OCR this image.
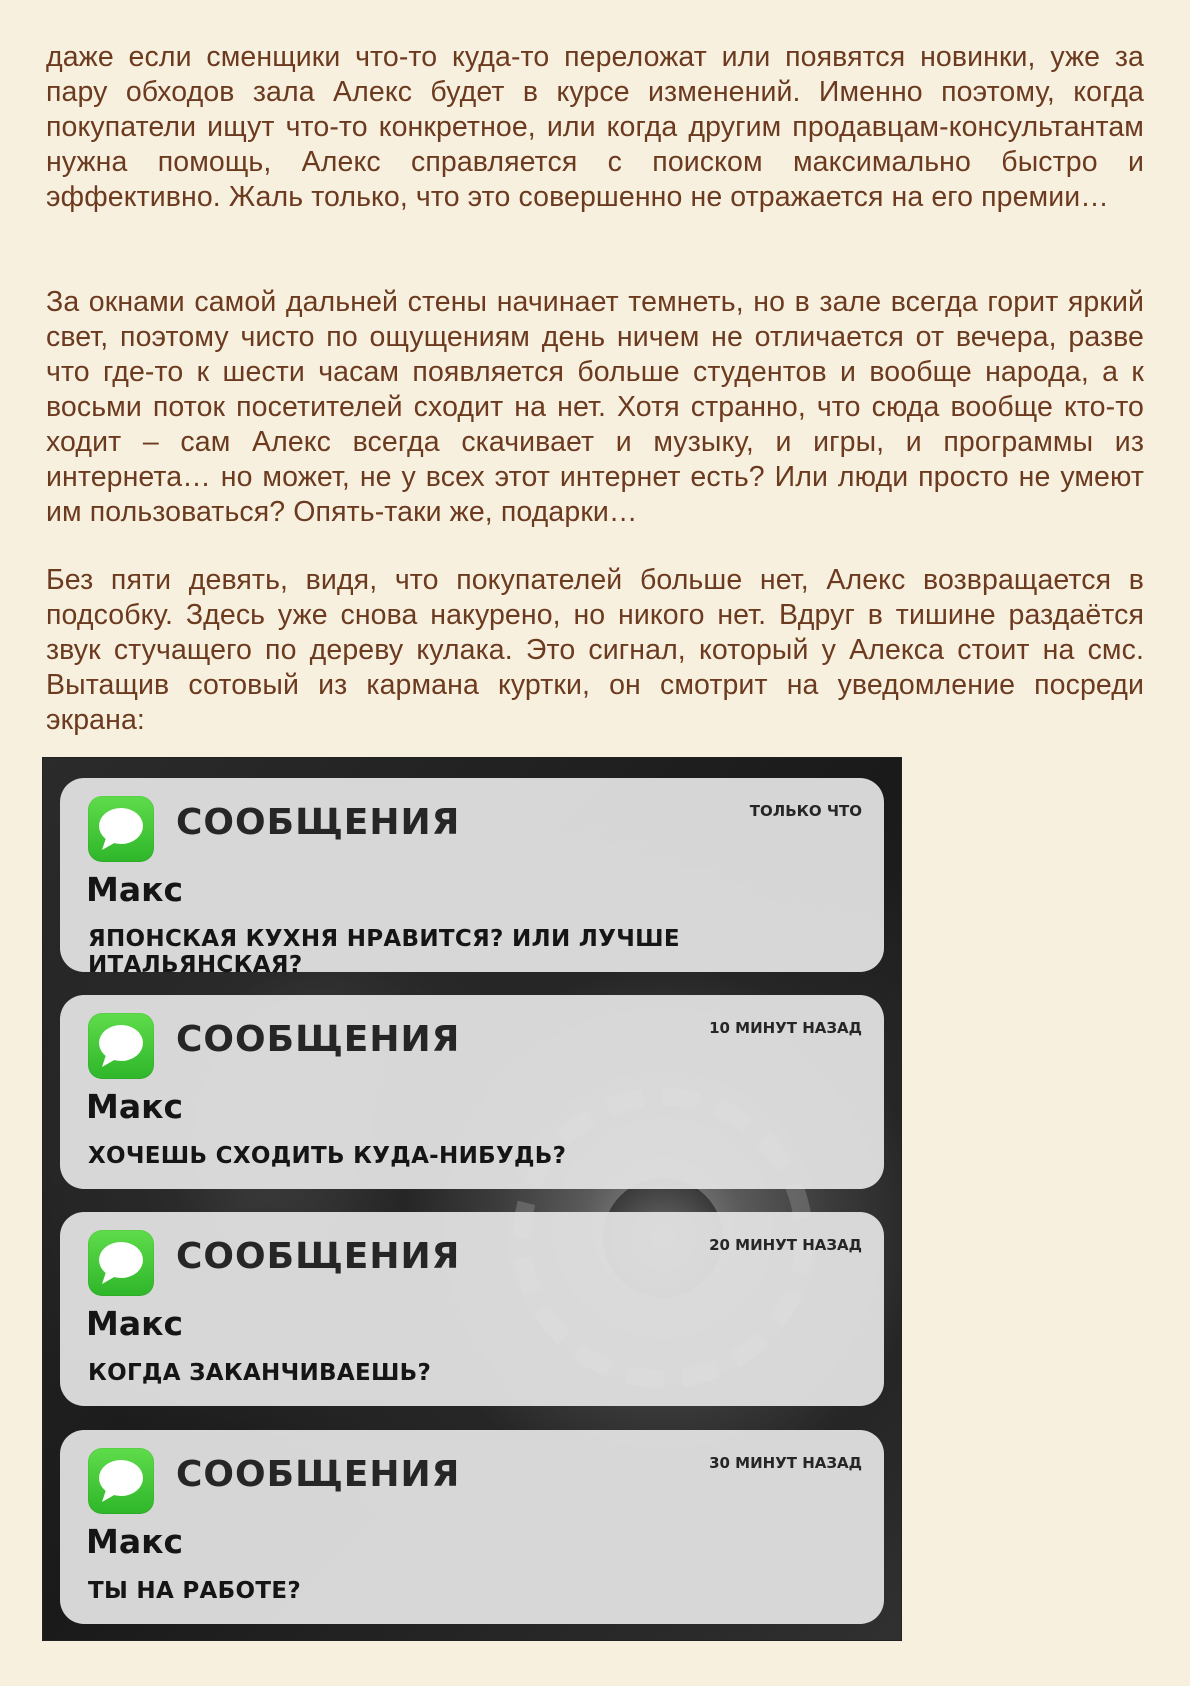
даже если сменщики что-то куда-то переложат или появятся новинки, уже за пару обходов зала Алекс будет в курсе изменений. Именно поэтому, когда покупатели ищут что-то конкретное, или когда другим продавцам-консультантам нужна помощь, Алекс справляется с поиском максимально быстро и эффективно. Жаль только, что это совершенно не отражается на его премии…
За окнами самой дальней стены начинает темнеть, но в зале всегда горит яркий свет, поэтому чисто по ощущениям день ничем не отличается от вечера, разве что где-то к шести часам появляется больше студентов и вообще народа, а к восьми поток посетителей сходит на нет. Хотя странно, что сюда вообще кто-то ходит – сам Алекс всегда скачивает и музыку, и игры, и программы из интернета… но может, не у всех этот интернет есть? Или люди просто не умеют им пользоваться? Опять-таки же, подарки…
Без пяти девять, видя, что покупателей больше нет, Алекс возвращается в подсобку. Здесь уже снова накурено, но никого нет. Вдруг в тишине раздаётся звук стучащего по дереву кулака. Это сигнал, который у Алекса стоит на смс. Вытащив сотовый из кармана куртки, он смотрит на уведомление посреди экрана:
СООБЩЕНИЯ	ТОЛЬКО ЧТО
Макс
ЯПОНСКАЯ КУХНЯ НРАВИТСЯ? ИЛИ ЛУЧШЕ ИТАЛЬЯНСКАЯ?
СООБЩЕНИЯ	10 МИНУТ НАЗАД
Макс
ХОЧЕШЬ СХОДИТЬ КУДА-НИБУДЬ?
СООБЩЕНИЯ	20 МИНУТ НАЗАД
Макс
КОГДА ЗАКАНЧИВАЕШЬ?
СООБЩЕНИЯ	30 МИНУТ НАЗАД
Макс
ТЫ НА РАБОТЕ?
